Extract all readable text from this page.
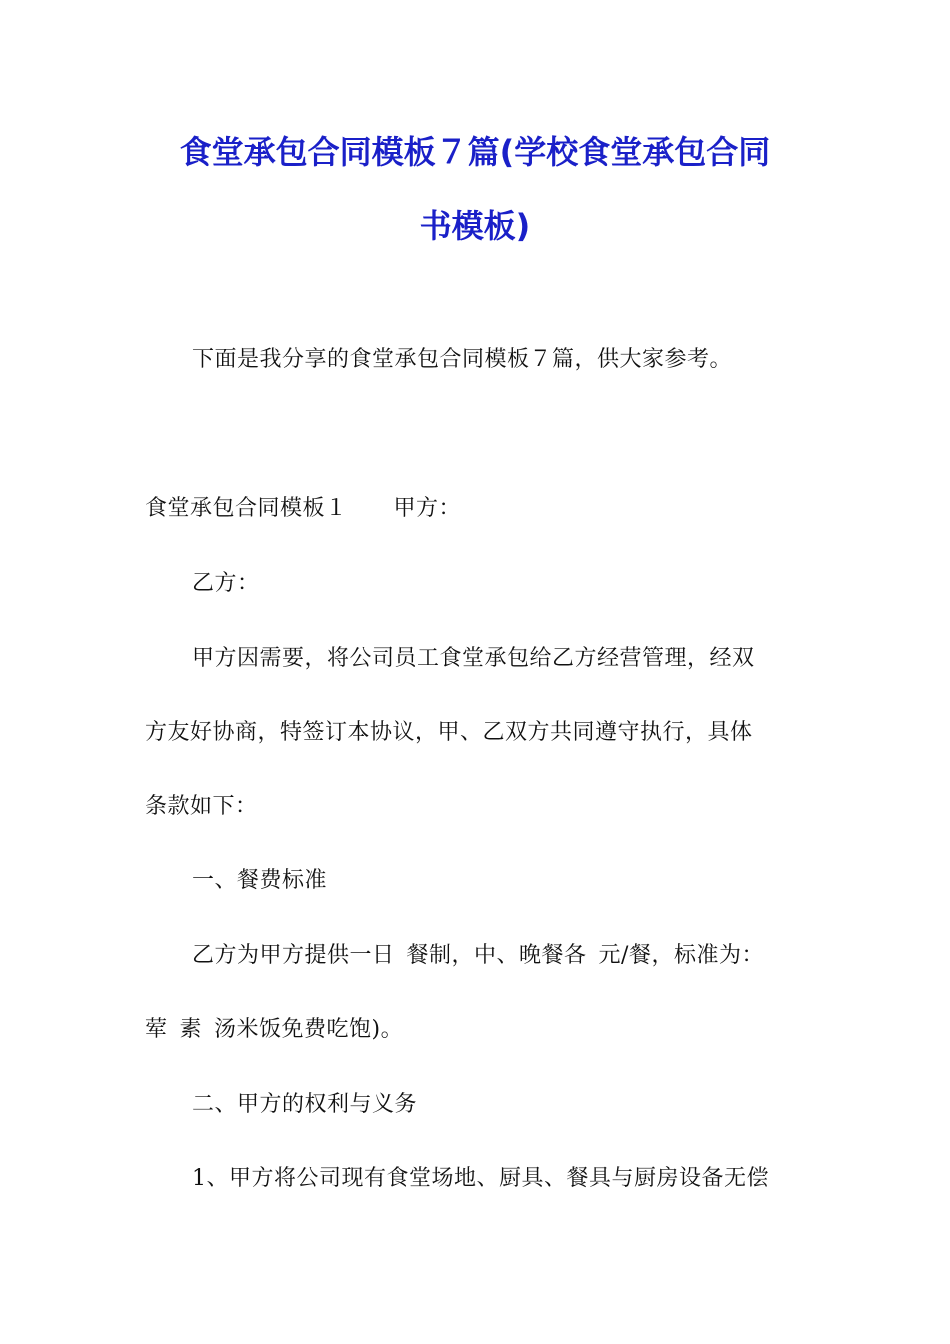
食堂承包合同模板７篇(学校食堂承包合同
书模板)

下面是我分享的食堂承包合同模板７篇，供大家参考。

食堂承包合同模板１ 甲方：

乙方：

甲方因需要，将公司员工食堂承包给乙方经营管理，经双

方友好协商，特签订本协议，甲、乙双方共同遵守执行，具体

条款如下：

一、餐费标准

乙方为甲方提供一日 餐制，中、晚餐各 元/餐，标准为：

荤 素 汤米饭免费吃饱)。

二、甲方的权利与义务

1、甲方将公司现有食堂场地、厨具、餐具与厨房设备无偿
